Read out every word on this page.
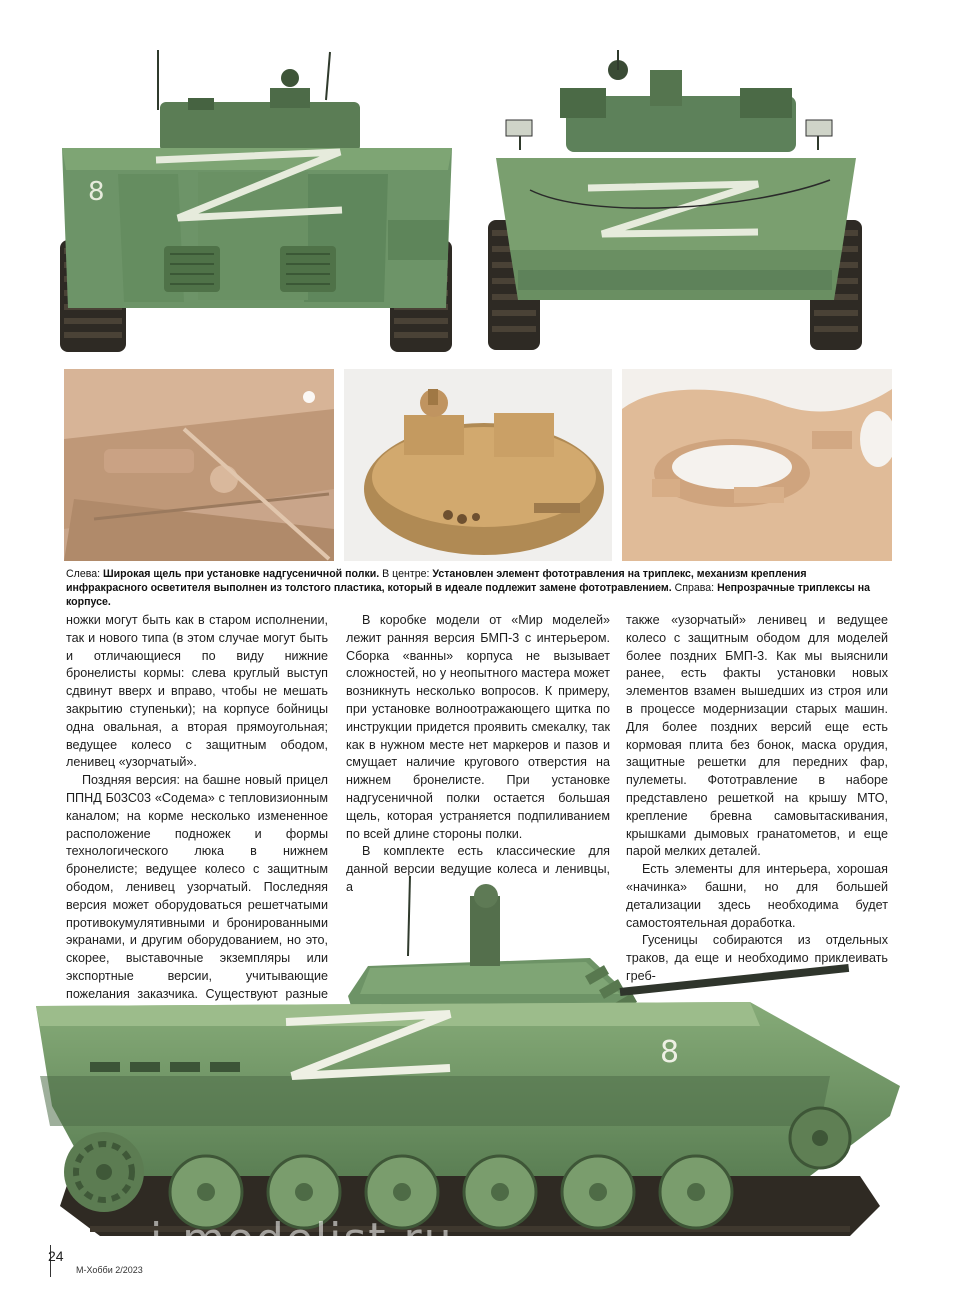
8
Слева: Широкая щель при установке надгусеничной полки. В центре: Установлен элемент фототравления на триплекс, механизм крепления инфракрасного осветителя выполнен из толстого пластика, который в идеале подлежит замене фототравлением. Справа: Непрозрачные триплексы на корпусе.

ножки могут быть как в старом исполнении, так и нового типа (в этом случае могут быть и отличающиеся по виду нижние бронелисты кормы: слева круглый выступ сдвинут вверх и вправо, чтобы не мешать закрытию ступеньки); на корпусе бойницы одна овальная, а вторая прямоугольная; ведущее колесо с защитным ободом, ленивец «узорчатый».

Поздняя версия: на башне новый прицел ППНД Б03С03 «Содема» с тепловизионным каналом; на корме несколько измененное расположение подножек и формы технологического люка в нижнем бронелисте; ведущее колесо с защитным ободом, ленивец узорчатый. Последняя версия может оборудоваться решетчатыми противокумулятивными и бронированными экранами, и другим оборудованием, но это, скорее, выставочные экземпляры или экспортные версии, учитывающие пожелания заказчика. Существуют разные

В коробке модели от «Мир моделей» лежит ранняя версия БМП-3 с интерьером. Сборка «ванны» корпуса не вызывает сложностей, но у неопытного мастера может возникнуть несколько вопросов. К примеру, при установке волноотражающего щитка по инструкции придется проявить смекалку, так как в нужном месте нет маркеров и пазов и смущает наличие кругового отверстия на нижнем бронелисте. При установке надгусеничной полки остается большая щель, которая устраняется подпиливанием по всей длине стороны полки.

В комплекте есть классические для данной версии ведущие колеса и ленивцы, а

также «узорчатый» ленивец и ведущее колесо с защитным ободом для моделей более поздних БМП-3. Как мы выяснили ранее, есть факты установки новых элементов взамен вышедших из строя или в процессе модернизации старых машин. Для более поздних версий еще есть кормовая плита без бонок, маска орудия, защитные решетки для передних фар, пулеметы. Фототравление в наборе представлено решеткой на крышу МТО, крепление бревна самовытаскивания, крышками дымовых гранатометов, и еще парой мелких деталей.

Есть элементы для интерьера, хорошая «начинка» башни, но для большей детализации здесь необходима будет самостоятельная доработка.

Гусеницы собираются из отдельных траков, да еще и необходимо приклеивать греб-

8
i-modelist.ru
24
М-Хобби 2/2023
